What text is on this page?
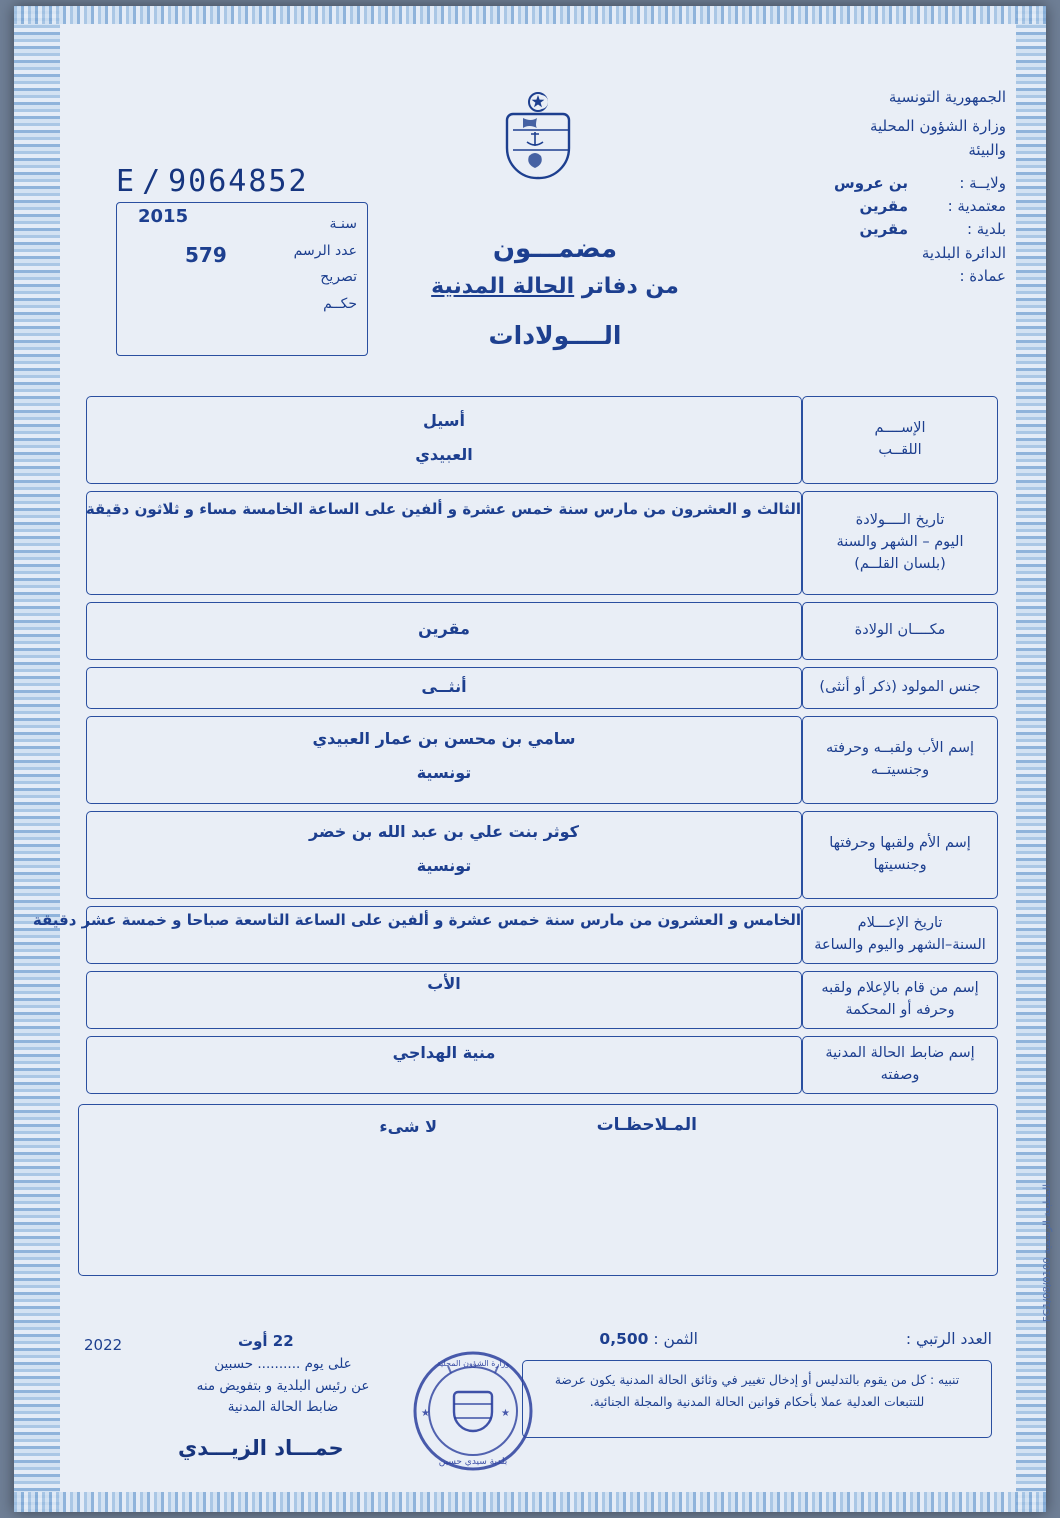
الجمهورية التونسية
وزارة الشؤون المحلية
والبيئة
ولايــة :
بن عروس
معتمدية :
مقرين
بلدية :
مقرين
الدائرة البلدية
عمادة :
E / 9064852
سنـة
عدد الرسم
تصريح
حكــم
579
2015
مضمـــون
من دفاتر الحالة المدنية
الــــولادات
الإســــم
اللقــب
أسيل
العبيدي
تاريخ الــــولادة
اليوم – الشهر والسنة
(بلسان القلــم)
الثالث و العشرون من مارس سنة خمس عشرة و ألفين على الساعة الخامسة مساء و ثلاثون دقيقة
مكــــان الولادة
مقرين
جنس المولود (ذكر أو أنثى)
أنثــى
إسم الأب ولقبــه وحرفته
وجنسيتــه
سامي بن محسن بن عمار العبيدي
تونسية
إسم الأم ولقبها وحرفتها
وجنسيتها
كوثر بنت علي بن عبد الله بن خضر
تونسية
تاريخ الإعـــلام
السنة–الشهر واليوم والساعة
الخامس و العشرون من مارس سنة خمس عشرة و ألفين على الساعة التاسعة صباحا و خمسة عشر دقيقة
إسم من قام بالإعلام ولقبه
وحرفه أو المحكمة
الأب
إسم ضابط الحالة المدنية
وصفته
منية الهداجي
المـلاحظـات
لا شىء
العدد الرتبي :
الثمن : 0,500
تنبيه : كل من يقوم بالتدليس أو إدخال تغيير في وثائق الحالة المدنية يكون عرضة للتتبعات العدلية عملا بأحكام قوانين الحالة المدنية والمجلة الجنائية.
2022	22 أوت
على يوم .......... حسبين
عن رئيس البلدية و بتفويض منه
ضابط الحالة المدنية
حمـــاد الزيـــدي
بلدية سيدي حسين
وزارة الشؤون المحلية
★	★
المطبعة الرسمية 08/0100/FG1
